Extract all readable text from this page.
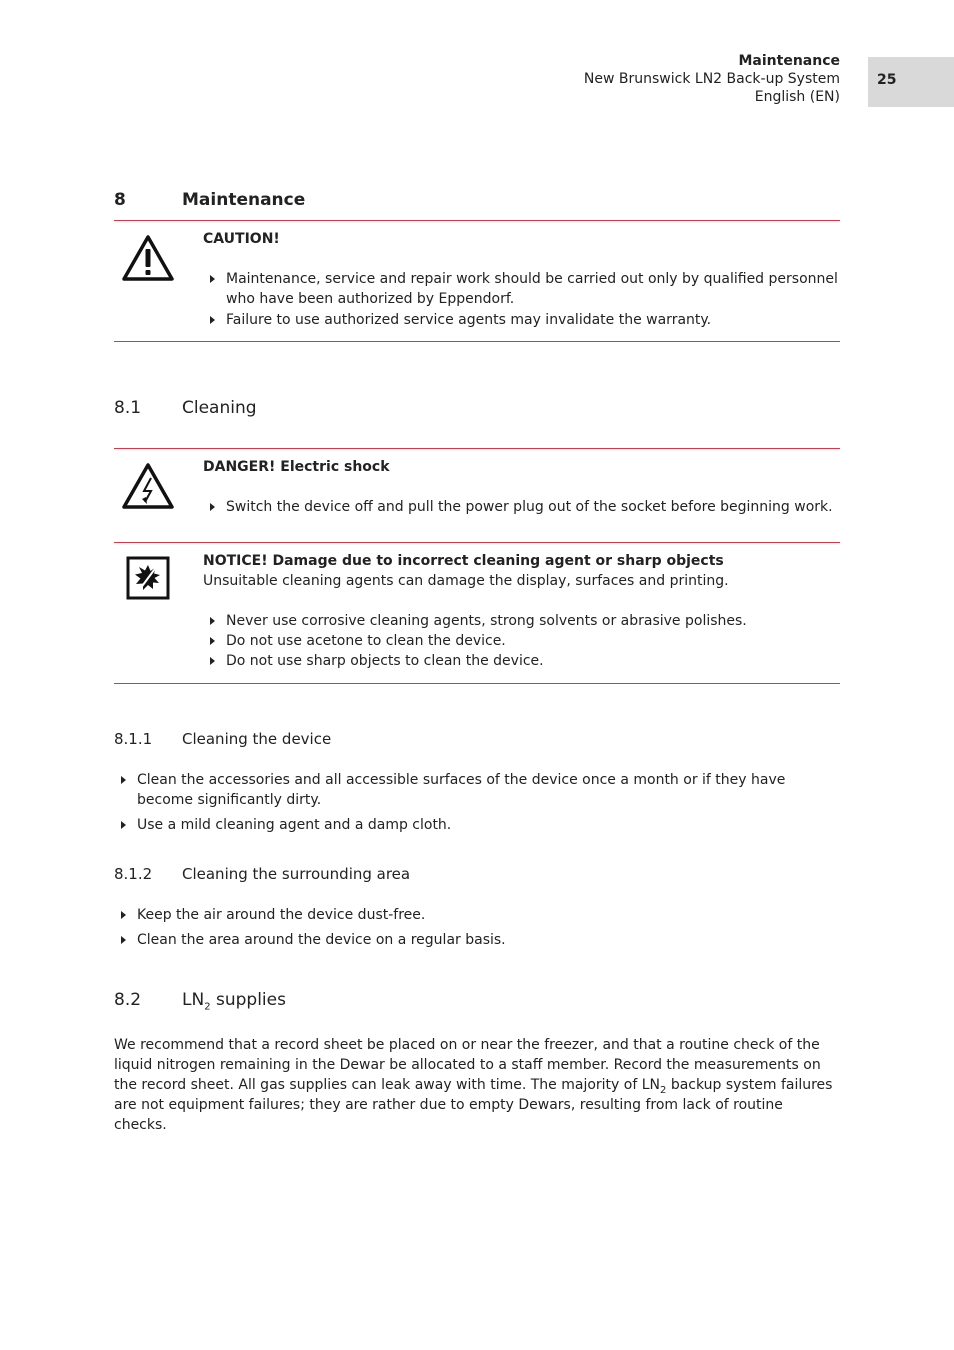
Maintenance
New Brunswick LN2 Back-up System
English (EN)
25
8	Maintenance
CAUTION!
Maintenance, service and repair work should be carried out only by qualified personnel who have been authorized by Eppendorf.
Failure to use authorized service agents may invalidate the warranty.
8.1 Cleaning
DANGER! Electric shock
Switch the device off and pull the power plug out of the socket before beginning work.
NOTICE! Damage due to incorrect cleaning agent or sharp objects
Unsuitable cleaning agents can damage the display, surfaces and printing.
Never use corrosive cleaning agents, strong solvents or abrasive polishes.
Do not use acetone to clean the device.
Do not use sharp objects to clean the device.
8.1.1 Cleaning the device
Clean the accessories and all accessible surfaces of the device once a month or if they have become significantly dirty.
Use a mild cleaning agent and a damp cloth.
8.1.2 Cleaning the surrounding area
Keep the air around the device dust-free.
Clean the area around the device on a regular basis.
8.2 $LN_2$ supplies
We recommend that a record sheet be placed on or near the freezer, and that a routine check of the liquid nitrogen remaining in the Dewar be allocated to a staff member. Record the measurements on the record sheet. All gas supplies can leak away with time. The majority of $LN_2$ backup system failures are not equipment failures; they are rather due to empty Dewars, resulting from lack of routine checks.
